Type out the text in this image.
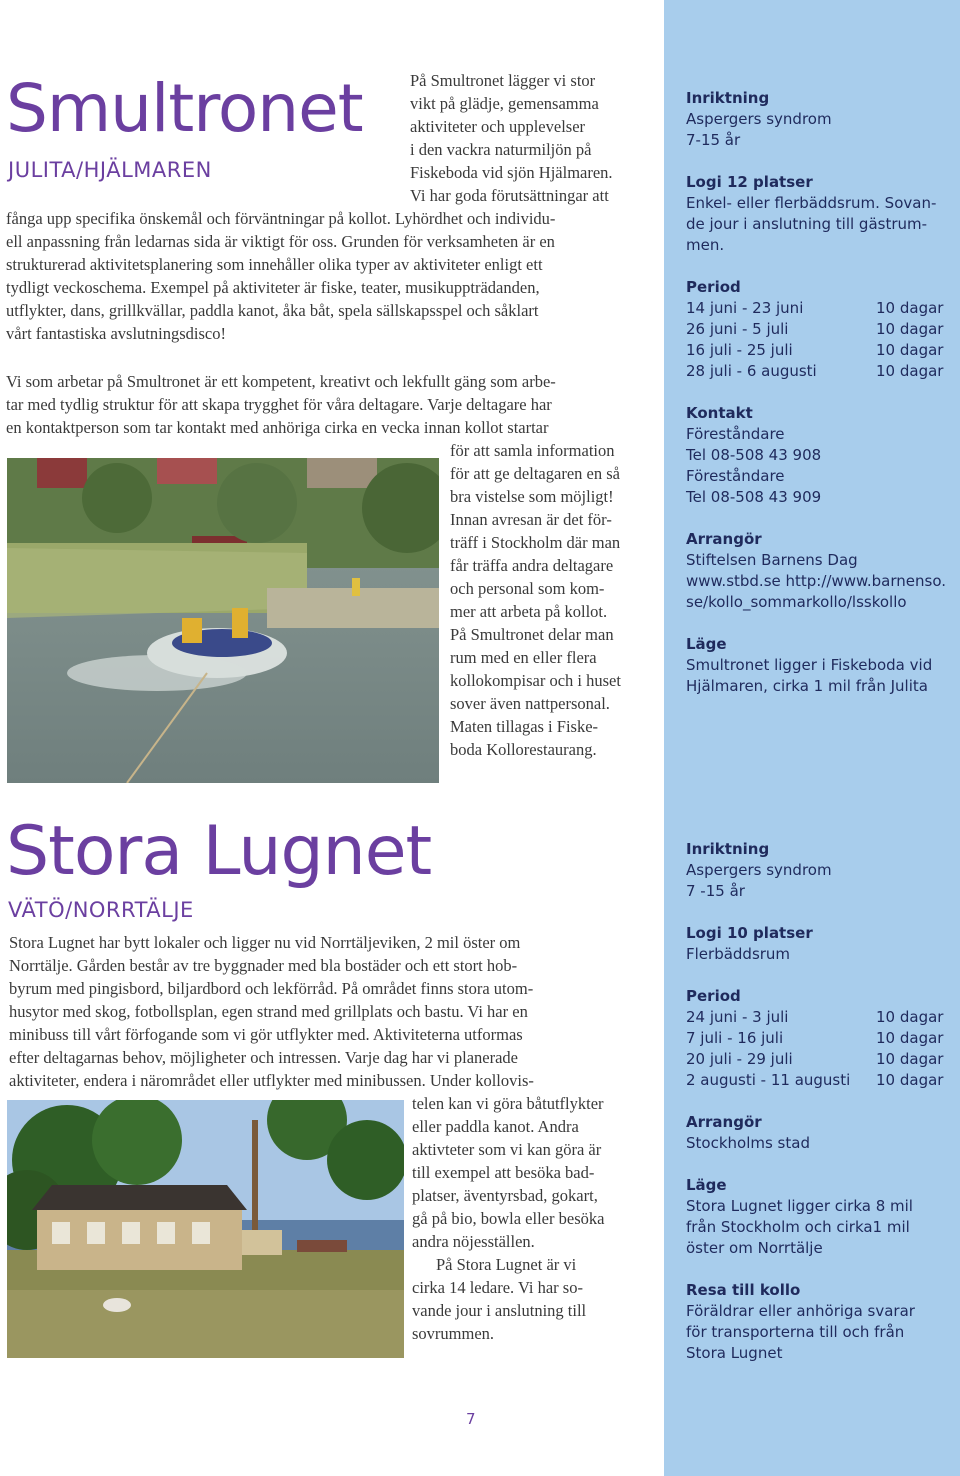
Smultronet
JULITA/HJÄLMAREN
På Smultronet lägger vi stor
vikt på glädje, gemensamma
aktiviteter och upplevelser
i den vackra naturmiljön på
Fiskeboda vid sjön Hjälmaren.
Vi har goda förutsättningar att
fånga upp specifika önskemål och förväntningar på kollot. Lyhördhet och individu-
ell anpassning från ledarnas sida är viktigt för oss. Grunden för verksamheten är en
strukturerad aktivitetsplanering som innehåller olika typer av aktiviteter enligt ett
tydligt veckoschema. Exempel på aktiviteter är fiske, teater, musikuppträdanden,
utflykter, dans, grillkvällar, paddla kanot, åka båt, spela sällskapsspel och såklart
vårt fantastiska avslutningsdisco!
Vi som arbetar på Smultronet är ett kompetent, kreativt och lekfullt gäng som arbe-
tar med tydlig struktur för att skapa trygghet för våra deltagare. Varje deltagare har
en kontaktperson som tar kontakt med anhöriga cirka en vecka innan kollot startar
för att samla information
för att ge deltagaren en så
bra vistelse som möjligt!
Innan avresan är det för-
träff i Stockholm där man
får träffa andra deltagare
och personal som kom-
mer att arbeta på kollot.
På Smultronet delar man
rum med en eller flera
kollokompisar och i huset
sover även nattpersonal.
Maten tillagas i Fiske-
boda Kollorestaurang.
Inriktning
Aspergers syndrom
7-15 år
Logi 12 platser
Enkel- eller flerbäddsrum. Sovan-
de jour i anslutning till gästrum-
men.
Period
14 juni - 23 juni	10 dagar
26 juni - 5 juli	10 dagar
16 juli - 25 juli	10 dagar
28 juli - 6 augusti	10 dagar
Kontakt
Föreståndare
Tel 08-508 43 908
Föreståndare
Tel 08-508 43 909
Arrangör
Stiftelsen Barnens Dag
www.stbd.se http://www.barnenso.
se/kollo_sommarkollo/lsskollo
Läge
Smultronet ligger i Fiskeboda vid
Hjälmaren, cirka 1 mil från Julita
Stora Lugnet
VÄTÖ/NORRTÄLJE
Stora Lugnet har bytt lokaler och ligger nu vid Norrtäljeviken, 2 mil öster om
Norrtälje. Gården består av tre byggnader med bla bostäder och ett stort hob-
byrum med pingisbord, biljardbord och lekförråd. På området finns stora utom-
husytor med skog, fotbollsplan, egen strand med grillplats och bastu. Vi har en
minibuss till vårt förfogande som vi gör utflykter med. Aktiviteterna utformas
efter deltagarnas behov, möjligheter och intressen. Varje dag har vi planerade
aktiviteter, endera i närområdet eller utflykter med minibussen. Under kollovis-
telen kan vi göra båtutflykter
eller paddla kanot. Andra
aktivteter som vi kan göra är
till exempel att besöka bad-
platser, äventyrsbad, gokart,
gå på bio, bowla eller besöka
andra nöjesställen.
På Stora Lugnet är vi
cirka 14 ledare. Vi har so-
vande jour i anslutning till
sovrummen.
Inriktning
Aspergers syndrom
7 -15 år
Logi 10 platser
Flerbäddsrum
Period
24 juni - 3 juli	10 dagar
7 juli - 16 juli	10 dagar
20 juli - 29 juli	10 dagar
2 augusti - 11 augusti 10 dagar
Arrangör
Stockholms stad
Läge
Stora Lugnet ligger cirka 8 mil
från Stockholm och cirka1 mil
öster om Norrtälje
Resa till kollo
Föräldrar eller anhöriga svarar
för transporterna till och från
Stora Lugnet
7
